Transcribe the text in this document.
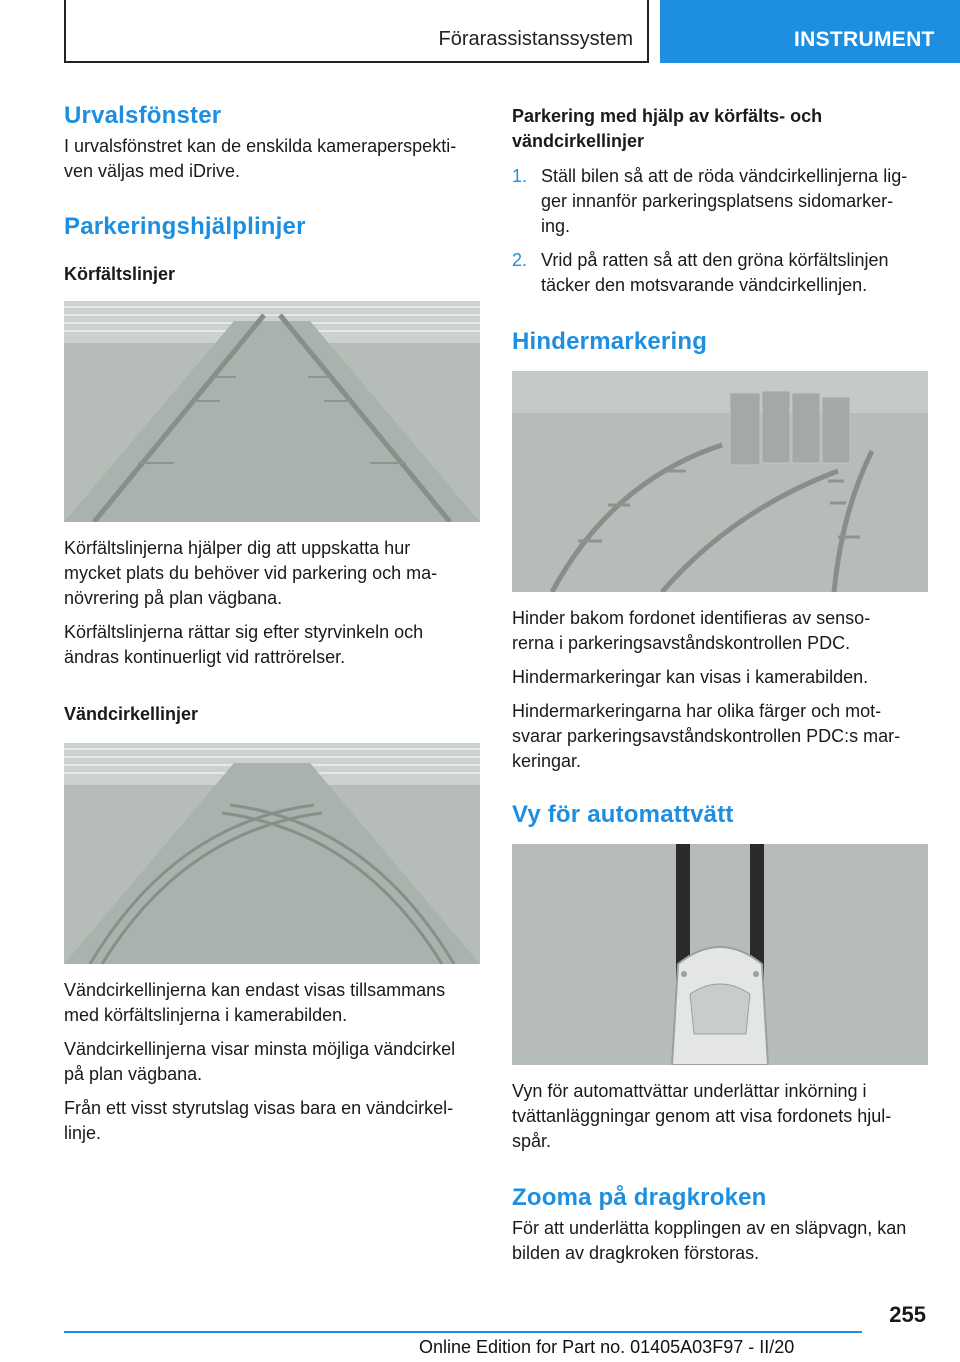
Förarassistanssystem	INSTRUMENT
Urvalsfönster

I urvalsfönstret kan de enskilda kameraperspekti-
ven väljas med iDrive.

Parkeringshjälplinjer
Körfältslinjer

Körfältslinjerna hjälper dig att uppskatta hur
mycket plats du behöver vid parkering och ma-
növrering på plan vägbana.

Körfältslinjerna rättar sig efter styrvinkeln och
ändras kontinuerligt vid rattrörelser.

Vändcirkellinjer

Vändcirkellinjerna kan endast visas tillsammans
med körfältslinjerna i kamerabilden.

Vändcirkellinjerna visar minsta möjliga vändcirkel
på plan vägbana.

Från ett visst styrutslag visas bara en vändcirkel-
linje.

Parkering med hjälp av körfälts- och
vändcirkellinjer
1. Ställ bilen så att de röda vändcirkellinjerna lig-
ger innanför parkeringsplatsens sidomarker-
ing.
2. Vrid på ratten så att den gröna körfältslinjen
täcker den motsvarande vändcirkellinjen.
Hindermarkering

Hinder bakom fordonet identifieras av senso-
rerna i parkeringsavståndskontrollen PDC.

Hindermarkeringar kan visas i kamerabilden.

Hindermarkeringarna har olika färger och mot-
svarar parkeringsavståndskontrollen PDC:s mar-
keringar.

Vy för automattvätt

Vyn för automattvättar underlättar inkörning i
tvättanläggningar genom att visa fordonets hjul-
spår.

Zooma på dragkroken

För att underlätta kopplingen av en släpvagn, kan
bilden av dragkroken förstoras.

255
Online Edition for Part no. 01405A03F97 - II/20
